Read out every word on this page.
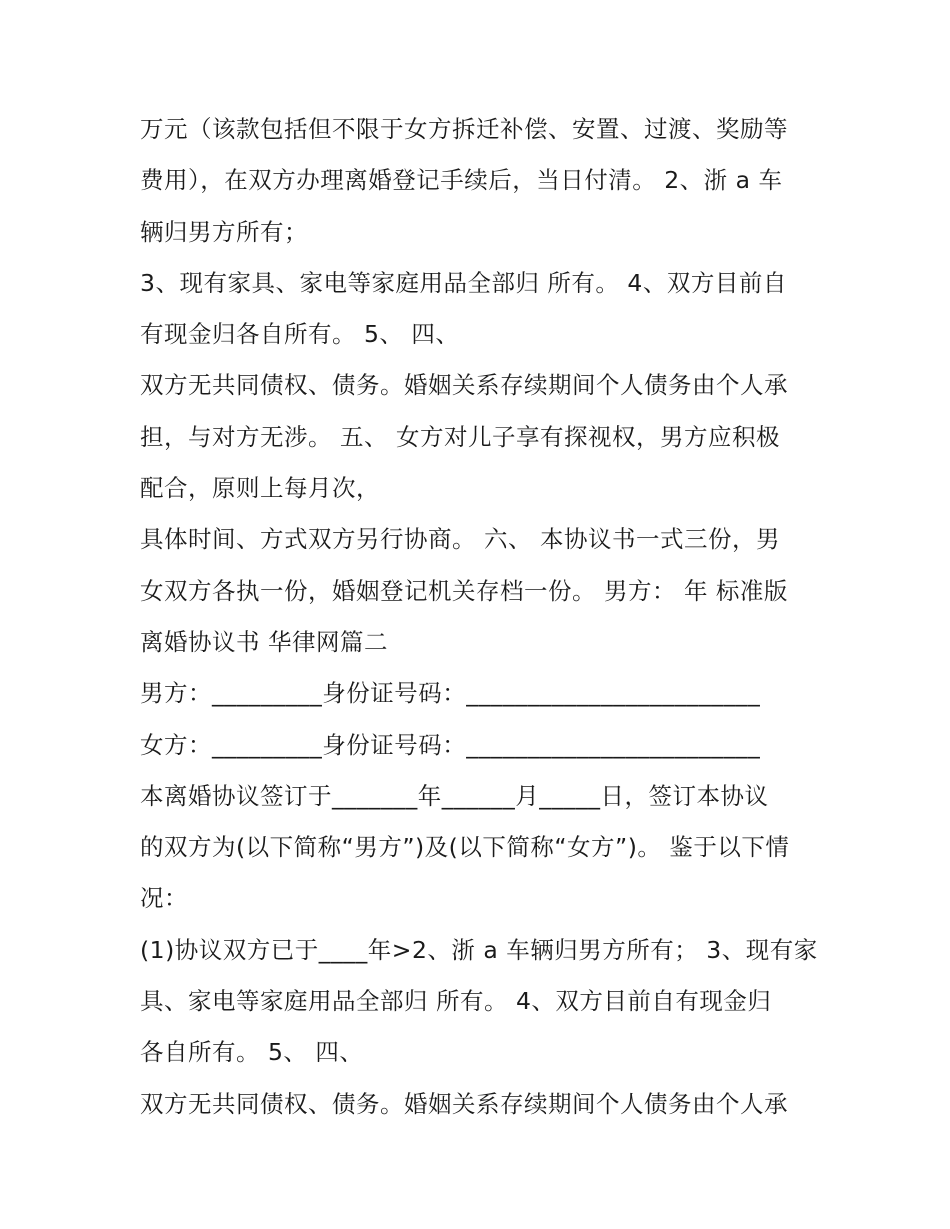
万元（该款包括但不限于女方拆迁补偿、安置、过渡、奖励等
费用），在双方办理离婚登记手续后，当日付清。 2、浙 a 车
辆归男方所有；
3、现有家具、家电等家庭用品全部归 所有。 4、双方目前自
有现金归各自所有。 5、 四、
双方无共同债权、债务。婚姻关系存续期间个人债务由个人承
担，与对方无涉。 五、 女方对儿子享有探视权，男方应积极
配合，原则上每月次，
具体时间、方式双方另行协商。 六、 本协议书一式三份，男
女双方各执一份，婚姻登记机关存档一份。 男方： 年 标准版
离婚协议书 华律网篇二
男方：_________身份证号码：________________________
女方：_________身份证号码：________________________
本离婚协议签订于_______年______月_____日，签订本协议
的双方为(以下简称“男方”)及(以下简称“女方”)。 鉴于以下情
况：
(1)协议双方已于____年>2、浙 a 车辆归男方所有； 3、现有家
具、家电等家庭用品全部归 所有。 4、双方目前自有现金归
各自所有。 5、 四、
双方无共同债权、债务。婚姻关系存续期间个人债务由个人承
